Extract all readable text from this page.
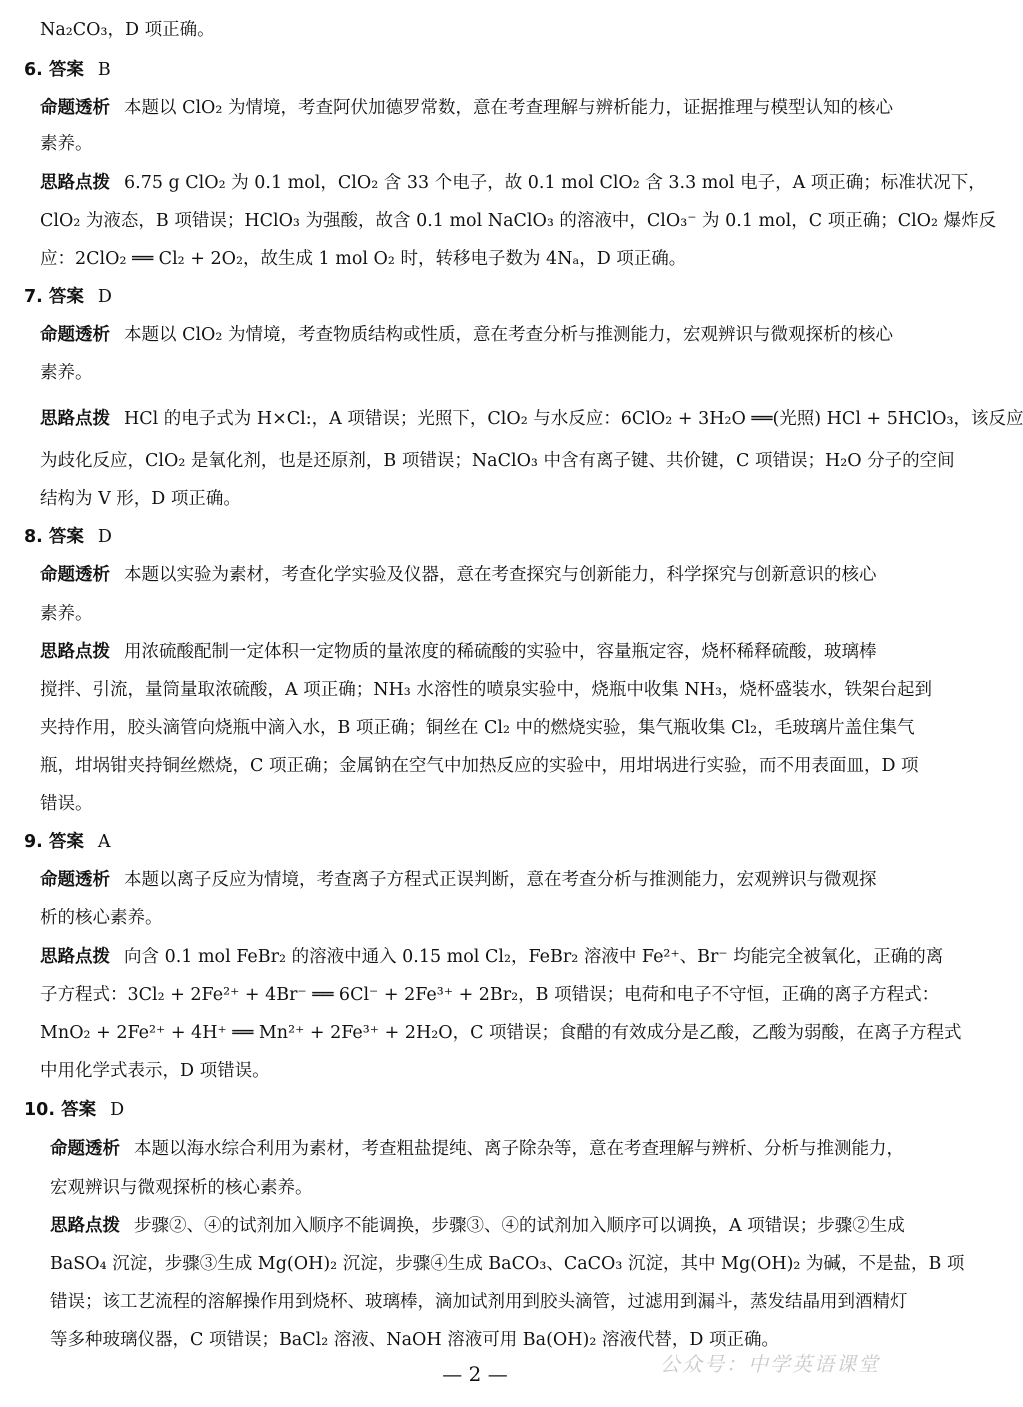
Na₂CO₃，D 项正确。
6. 答案 B
命题透析 本题以 ClO₂ 为情境，考查阿伏加德罗常数，意在考查理解与辨析能力，证据推理与模型认知的核心
素养。
思路点拨 6.75 g ClO₂ 为 0.1 mol，ClO₂ 含 33 个电子，故 0.1 mol ClO₂ 含 3.3 mol 电子，A 项正确；标准状况下，
ClO₂ 为液态，B 项错误；HClO₃ 为强酸，故含 0.1 mol NaClO₃ 的溶液中，ClO₃⁻ 为 0.1 mol，C 项正确；ClO₂ 爆炸反
应：2ClO₂ ══ Cl₂ + 2O₂，故生成 1 mol O₂ 时，转移电子数为 4Nₐ，D 项正确。
7. 答案 D
命题透析 本题以 ClO₂ 为情境，考查物质结构或性质，意在考查分析与推测能力，宏观辨识与微观探析的核心
素养。
思路点拨 HCl 的电子式为 H×Cl:，A 项错误；光照下，ClO₂ 与水反应：6ClO₂ + 3H₂O ══(光照) HCl + 5HClO₃，该反应
为歧化反应，ClO₂ 是氧化剂，也是还原剂，B 项错误；NaClO₃ 中含有离子键、共价键，C 项错误；H₂O 分子的空间
结构为 V 形，D 项正确。
8. 答案 D
命题透析 本题以实验为素材，考查化学实验及仪器，意在考查探究与创新能力，科学探究与创新意识的核心
素养。
思路点拨 用浓硫酸配制一定体积一定物质的量浓度的稀硫酸的实验中，容量瓶定容，烧杯稀释硫酸，玻璃棒
搅拌、引流，量筒量取浓硫酸，A 项正确；NH₃ 水溶性的喷泉实验中，烧瓶中收集 NH₃，烧杯盛装水，铁架台起到
夹持作用，胶头滴管向烧瓶中滴入水，B 项正确；铜丝在 Cl₂ 中的燃烧实验，集气瓶收集 Cl₂，毛玻璃片盖住集气
瓶，坩埚钳夹持铜丝燃烧，C 项正确；金属钠在空气中加热反应的实验中，用坩埚进行实验，而不用表面皿，D 项
错误。
9. 答案 A
命题透析 本题以离子反应为情境，考查离子方程式正误判断，意在考查分析与推测能力，宏观辨识与微观探
析的核心素养。
思路点拨 向含 0.1 mol FeBr₂ 的溶液中通入 0.15 mol Cl₂，FeBr₂ 溶液中 Fe²⁺、Br⁻ 均能完全被氧化，正确的离
子方程式：3Cl₂ + 2Fe²⁺ + 4Br⁻ ══ 6Cl⁻ + 2Fe³⁺ + 2Br₂，B 项错误；电荷和电子不守恒，正确的离子方程式：
MnO₂ + 2Fe²⁺ + 4H⁺ ══ Mn²⁺ + 2Fe³⁺ + 2H₂O，C 项错误；食醋的有效成分是乙酸，乙酸为弱酸，在离子方程式
中用化学式表示，D 项错误。
10. 答案 D
命题透析 本题以海水综合利用为素材，考查粗盐提纯、离子除杂等，意在考查理解与辨析、分析与推测能力，
宏观辨识与微观探析的核心素养。
思路点拨 步骤②、④的试剂加入顺序不能调换，步骤③、④的试剂加入顺序可以调换，A 项错误；步骤②生成
BaSO₄ 沉淀，步骤③生成 Mg(OH)₂ 沉淀，步骤④生成 BaCO₃、CaCO₃ 沉淀，其中 Mg(OH)₂ 为碱，不是盐，B 项
错误；该工艺流程的溶解操作用到烧杯、玻璃棒，滴加试剂用到胶头滴管，过滤用到漏斗，蒸发结晶用到酒精灯
等多种玻璃仪器，C 项错误；BaCl₂ 溶液、NaOH 溶液可用 Ba(OH)₂ 溶液代替，D 项正确。
公众号：中学英语课堂
— 2 —
